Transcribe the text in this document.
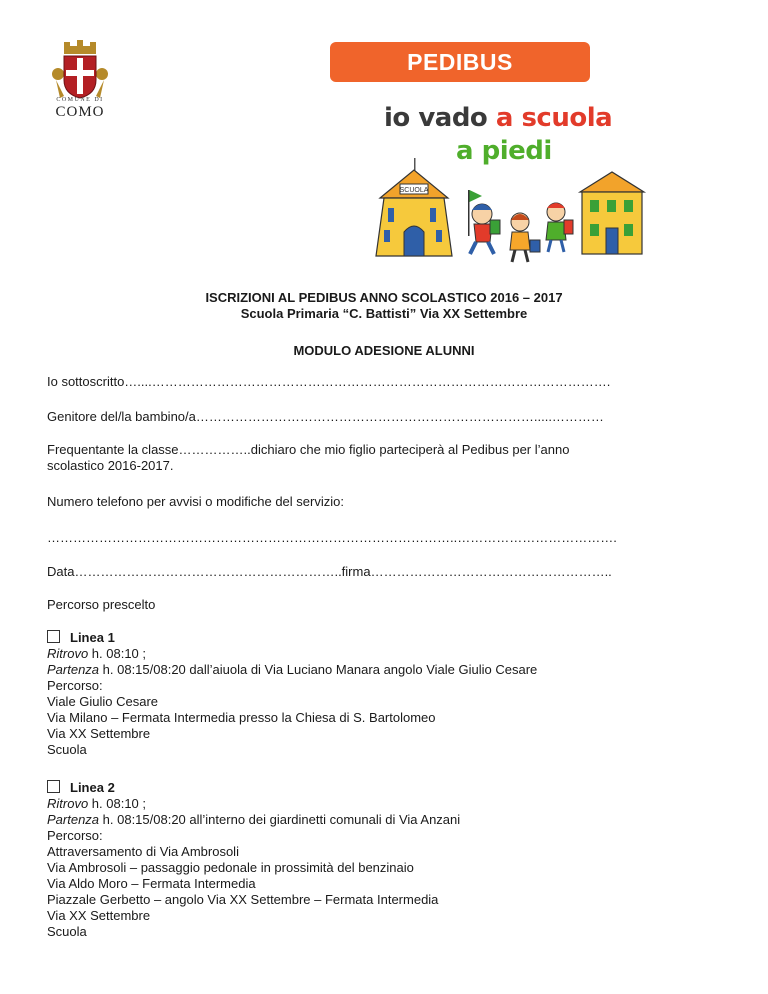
COMUNE DI
COMO
PEDIBUS
io vado a scuola
a piedi
SCUOLA
ISCRIZIONI AL PEDIBUS ANNO SCOLASTICO 2016 – 2017
Scuola Primaria “C. Battisti” Via XX Settembre
MODULO ADESIONE ALUNNI
Io sottoscritto…....…………………………………………………………………………………………….
Genitore del/la bambino/a…………………………………………………………………….....…………
Frequentante la classe……………..dichiaro che mio figlio parteciperà al Pedibus per l’anno
scolastico 2016-2017.
Numero telefono per avvisi o modifiche del servizio:
…………………………………………………………………………………..……………………………….
Data……………………………………………………..firma………………………………………………..
Percorso prescelto
Linea 1
Ritrovo h. 08:10 ;
Partenza h. 08:15/08:20 dall’aiuola di Via Luciano Manara angolo Viale Giulio Cesare
Percorso:
Viale Giulio Cesare
Via Milano – Fermata Intermedia presso la Chiesa di S. Bartolomeo
Via XX Settembre
Scuola
Linea 2
Ritrovo h. 08:10 ;
Partenza h. 08:15/08:20 all’interno dei giardinetti comunali di Via Anzani
Percorso:
Attraversamento di Via Ambrosoli
Via Ambrosoli – passaggio pedonale in prossimità del benzinaio
Via Aldo Moro – Fermata Intermedia
Piazzale Gerbetto – angolo Via XX Settembre – Fermata Intermedia
Via XX Settembre
Scuola
